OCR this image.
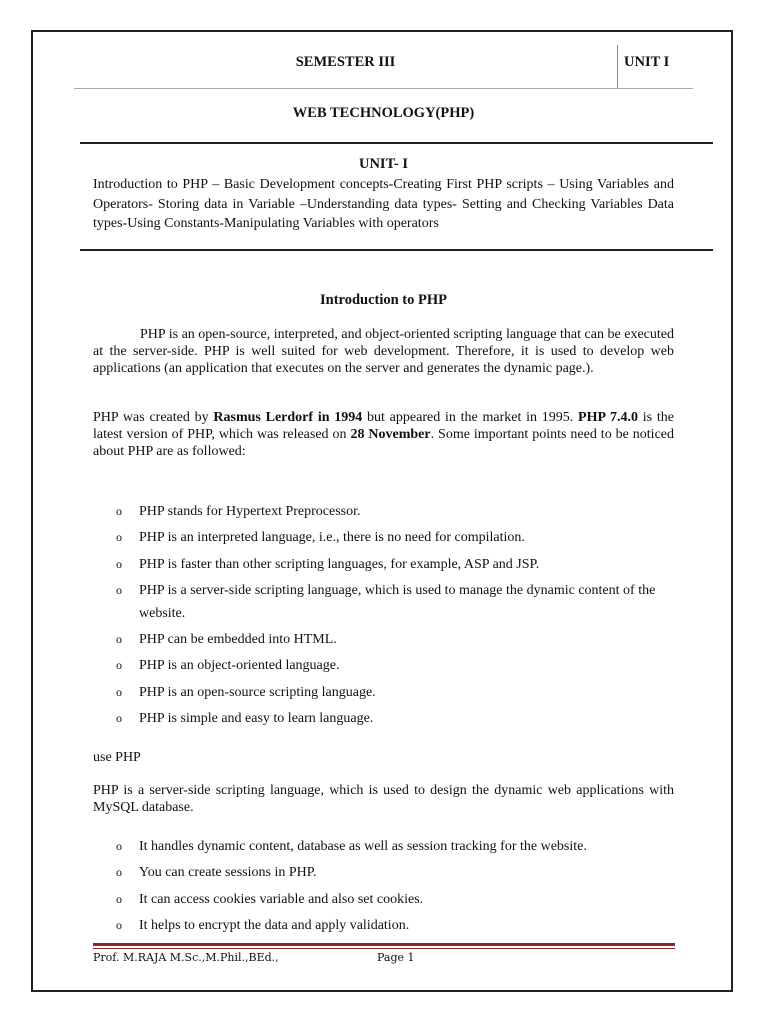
SEMESTER III	UNIT I
WEB TECHNOLOGY(PHP)
UNIT- I
Introduction to PHP – Basic Development concepts-Creating First PHP scripts – Using Variables and Operators- Storing data in Variable –Understanding data types- Setting and Checking Variables Data types-Using Constants-Manipulating Variables with operators
Introduction to PHP

PHP is an open-source, interpreted, and object-oriented scripting language that can be executed at the server-side. PHP is well suited for web development. Therefore, it is used to develop web applications (an application that executes on the server and generates the dynamic page.).

PHP was created by Rasmus Lerdorf in 1994 but appeared in the market in 1995. PHP 7.4.0 is the latest version of PHP, which was released on 28 November. Some important points need to be noticed about PHP are as followed:

o PHP stands for Hypertext Preprocessor.
o PHP is an interpreted language, i.e., there is no need for compilation.
o PHP is faster than other scripting languages, for example, ASP and JSP.
o PHP is a server-side scripting language, which is used to manage the dynamic content of the website.
o PHP can be embedded into HTML.
o PHP is an object-oriented language.
o PHP is an open-source scripting language.
o PHP is simple and easy to learn language.

use PHP

PHP is a server-side scripting language, which is used to design the dynamic web applications with MySQL database.

o It handles dynamic content, database as well as session tracking for the website.
o You can create sessions in PHP.
o It can access cookies variable and also set cookies.
o It helps to encrypt the data and apply validation.
Prof. M.RAJA M.Sc.,M.Phil.,BEd.,	Page 1
